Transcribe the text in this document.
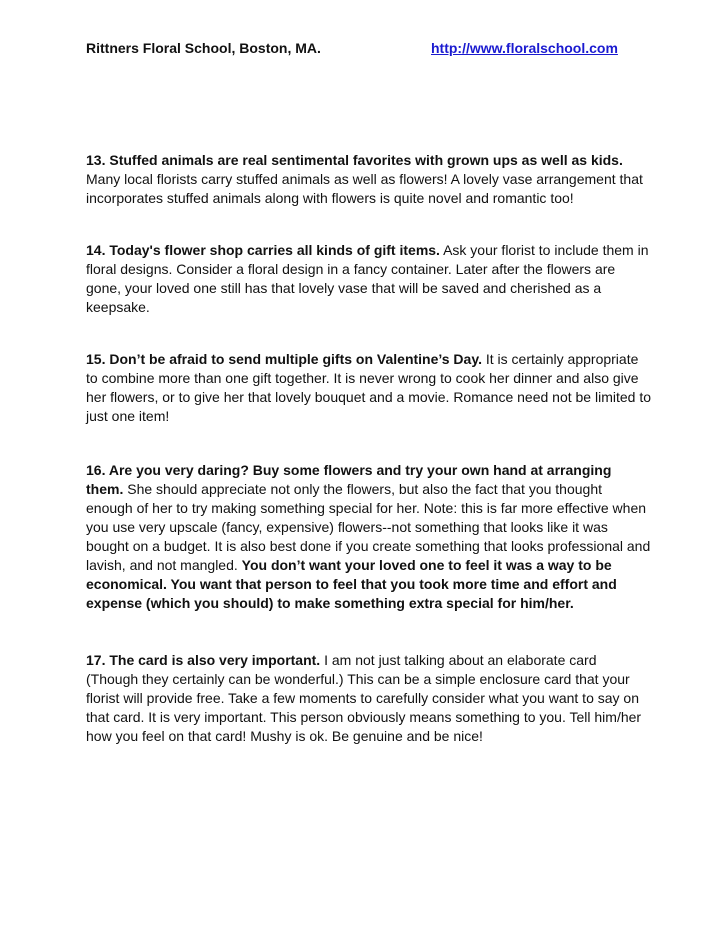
Rittners Floral School, Boston, MA.	http://www.floralschool.com

13. Stuffed animals are real sentimental favorites with grown ups as well as kids. Many local florists carry stuffed animals as well as flowers! A lovely vase arrangement that incorporates stuffed animals along with flowers is quite novel and romantic too!

14. Today's flower shop carries all kinds of gift items. Ask your florist to include them in floral designs. Consider a floral design in a fancy container. Later after the flowers are gone, your loved one still has that lovely vase that will be saved and cherished as a keepsake.

15. Don’t be afraid to send multiple gifts on Valentine’s Day. It is certainly appropriate to combine more than one gift together. It is never wrong to cook her dinner and also give her flowers, or to give her that lovely bouquet and a movie. Romance need not be limited to just one item!

16. Are you very daring? Buy some flowers and try your own hand at arranging them. She should appreciate not only the flowers, but also the fact that you thought enough of her to try making something special for her. Note: this is far more effective when you use very upscale (fancy, expensive) flowers--not something that looks like it was bought on a budget. It is also best done if you create something that looks professional and lavish, and not mangled. You don’t want your loved one to feel it was a way to be economical. You want that person to feel that you took more time and effort and expense (which you should) to make something extra special for him/her.

17. The card is also very important. I am not just talking about an elaborate card (Though they certainly can be wonderful.) This can be a simple enclosure card that your florist will provide free. Take a few moments to carefully consider what you want to say on that card. It is very important. This person obviously means something to you. Tell him/her how you feel on that card! Mushy is ok. Be genuine and be nice!
